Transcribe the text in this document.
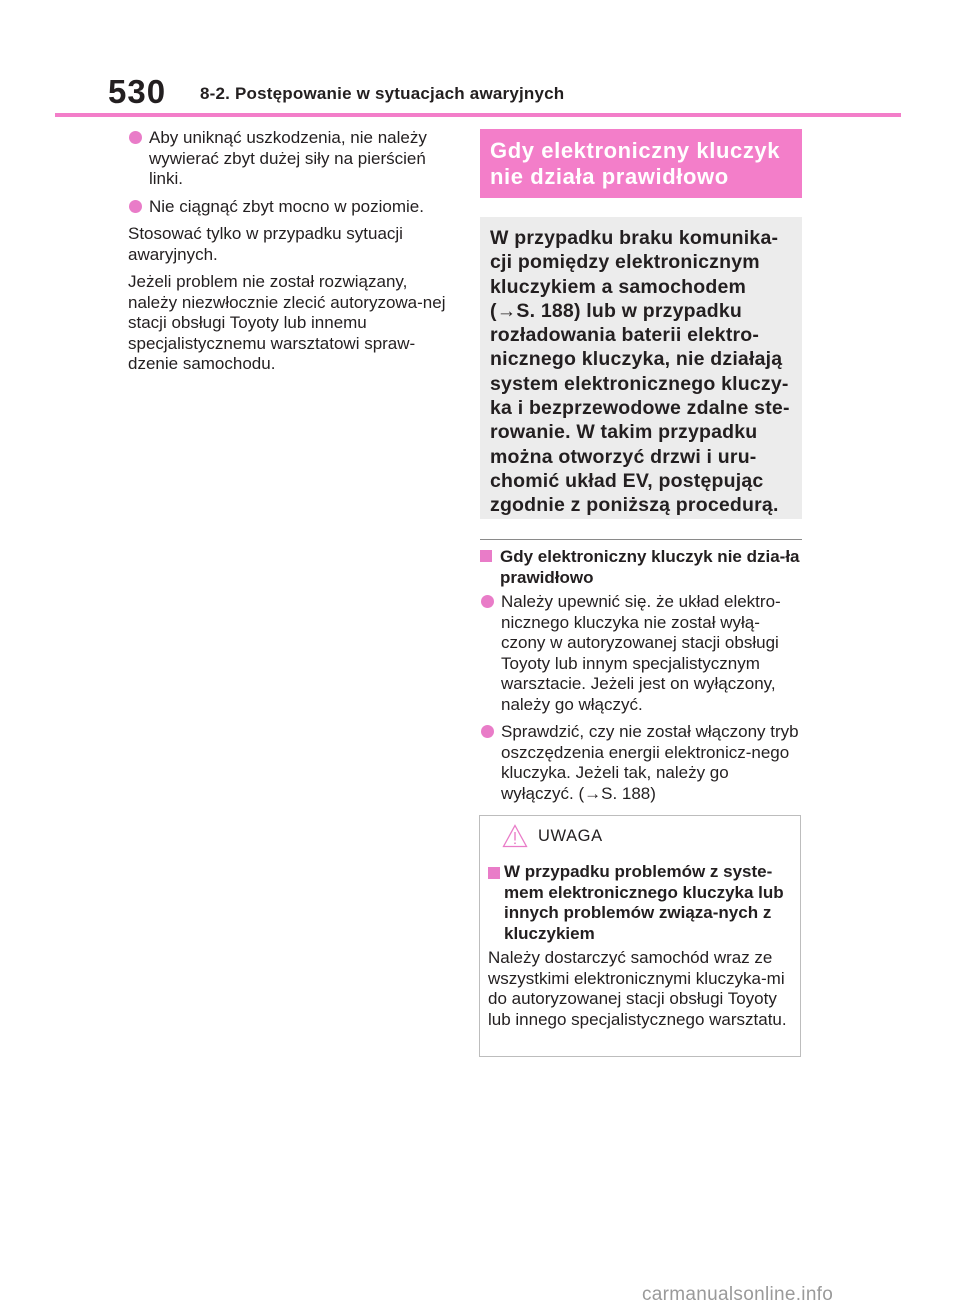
530 8-2. Postępowanie w sytuacjach awaryjnych
Aby uniknąć uszkodzenia, nie należy wywierać zbyt dużej siły na pierścień linki.
Nie ciągnąć zbyt mocno w poziomie.
Stosować tylko w przypadku sytuacji awaryjnych.
Jeżeli problem nie został rozwiązany, należy niezwłocznie zlecić autoryzowa-nej stacji obsługi Toyoty lub innemu specjalistycznemu warsztatowi spraw-dzenie samochodu.
Gdy elektroniczny kluczyk
nie działa prawidłowo
W przypadku braku komunika-
cji pomiędzy elektronicznym
kluczykiem a samochodem
(→S. 188) lub w przypadku
rozładowania baterii elektro-
nicznego kluczyka, nie działają
system elektronicznego kluczy-
ka i bezprzewodowe zdalne ste-
rowanie. W takim przypadku
można otworzyć drzwi i uru-
chomić układ EV, postępując
zgodnie z poniższą procedurą.
Gdy elektroniczny kluczyk nie dzia-ła prawidłowo
Należy upewnić się. że układ elektro-nicznego kluczyka nie został wyłą-czony w autoryzowanej stacji obsługi Toyoty lub innym specjalistycznym warsztacie. Jeżeli jest on wyłączony, należy go włączyć.
Sprawdzić, czy nie został włączony tryb oszczędzenia energii elektronicz-nego kluczyka. Jeżeli tak, należy go wyłączyć. (→S. 188)
UWAGA
W przypadku problemów z syste-mem elektronicznego kluczyka lub innych problemów związa-nych z kluczykiem
Należy dostarczyć samochód wraz ze wszystkimi elektronicznymi kluczyka-mi do autoryzowanej stacji obsługi Toyoty lub innego specjalistycznego warsztatu.
carmanualsonline.info
